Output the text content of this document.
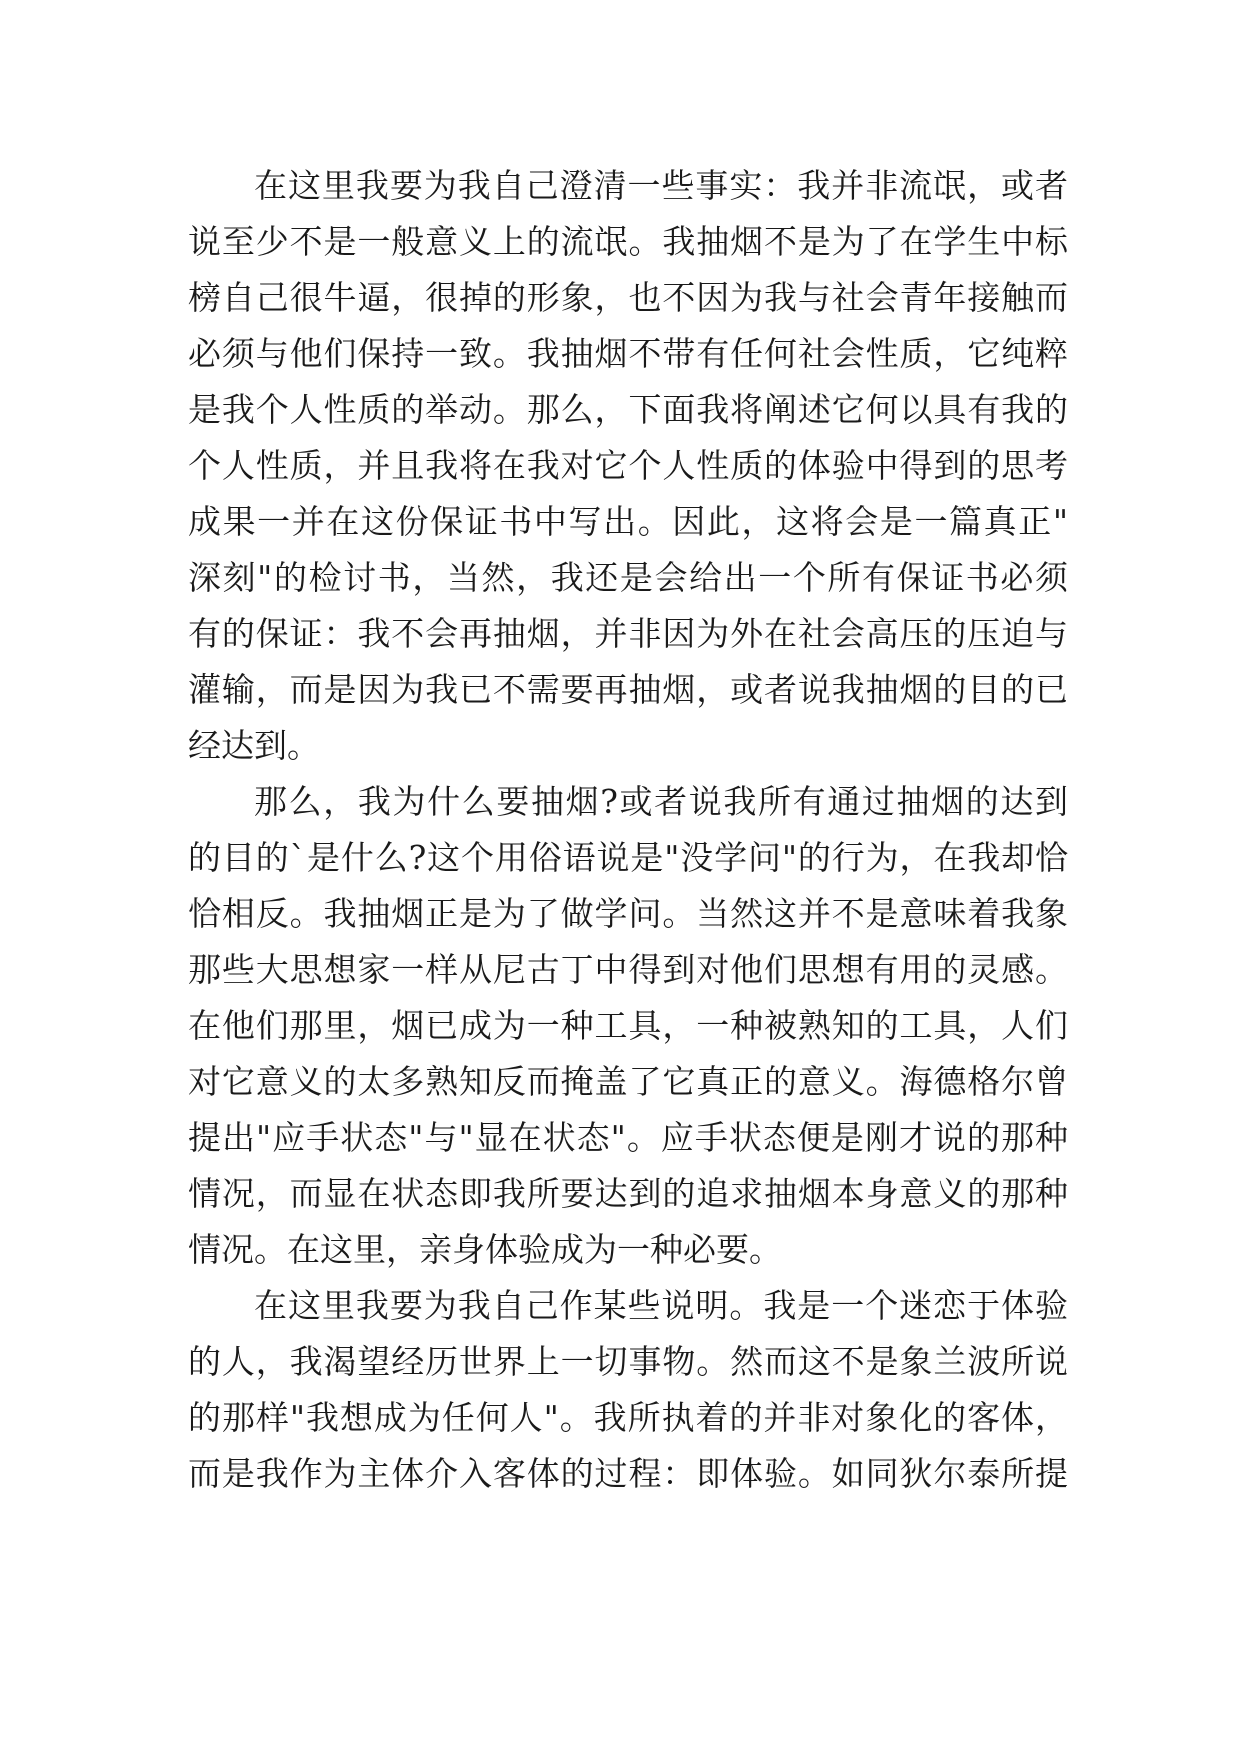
在这里我要为我自己澄清一些事实：我并非流氓，或者
说至少不是一般意义上的流氓。我抽烟不是为了在学生中标
榜自己很牛逼，很掉的形象，也不因为我与社会青年接触而
必须与他们保持一致。我抽烟不带有任何社会性质，它纯粹
是我个人性质的举动。那么，下面我将阐述它何以具有我的
个人性质，并且我将在我对它个人性质的体验中得到的思考
成果一并在这份保证书中写出。因此，这将会是一篇真正"
深刻"的检讨书，当然，我还是会给出一个所有保证书必须
有的保证：我不会再抽烟，并非因为外在社会高压的压迫与
灌输，而是因为我已不需要再抽烟，或者说我抽烟的目的已
经达到。
那么，我为什么要抽烟?或者说我所有通过抽烟的达到
的目的`是什么?这个用俗语说是"没学问"的行为，在我却恰
恰相反。我抽烟正是为了做学问。当然这并不是意味着我象
那些大思想家一样从尼古丁中得到对他们思想有用的灵感。
在他们那里，烟已成为一种工具，一种被熟知的工具，人们
对它意义的太多熟知反而掩盖了它真正的意义。海德格尔曾
提出"应手状态"与"显在状态"。应手状态便是刚才说的那种
情况，而显在状态即我所要达到的追求抽烟本身意义的那种
情况。在这里，亲身体验成为一种必要。
在这里我要为我自己作某些说明。我是一个迷恋于体验
的人，我渴望经历世界上一切事物。然而这不是象兰波所说
的那样"我想成为任何人"。我所执着的并非对象化的客体，
而是我作为主体介入客体的过程：即体验。如同狄尔泰所提
